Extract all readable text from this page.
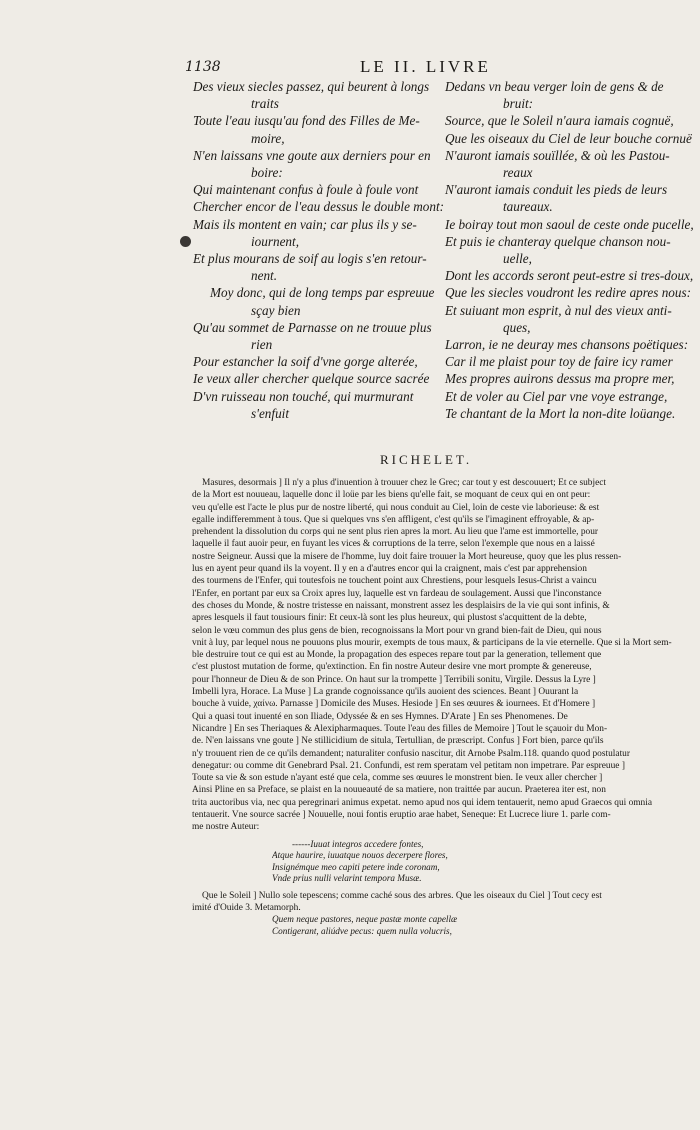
1138	LE II. LIVRE
Des vieux siecles passez, qui beurent à longs
traits
Toute l'eau iusqu'au fond des Filles de Me-
moire,
N'en laissans vne goute aux derniers pour en
boire:
Qui maintenant confus à foule à foule vont
Chercher encor de l'eau dessus le double mont:
Mais ils montent en vain; car plus ils y se-
iournent,
Et plus mourans de soif au logis s'en retour-
nent.
Moy donc, qui de long temps par espreuue
sçay bien
Qu'au sommet de Parnasse on ne trouue plus
rien
Pour estancher la soif d'vne gorge alterée,
Ie veux aller chercher quelque source sacrée
D'vn ruisseau non touché, qui murmurant
s'enfuit
Dedans vn beau verger loin de gens & de
bruit:
Source, que le Soleil n'aura iamais cognuë,
Que les oiseaux du Ciel de leur bouche cornuë
N'auront iamais souïllée, & où les Pastou-
reaux
N'auront iamais conduit les pieds de leurs
taureaux.
Ie boiray tout mon saoul de ceste onde pucelle,
Et puis ie chanteray quelque chanson nou-
uelle,
Dont les accords seront peut-estre si tres-doux,
Que les siecles voudront les redire apres nous:
Et suiuant mon esprit, à nul des vieux anti-
ques,
Larron, ie ne deuray mes chansons poëtiques:
Car il me plaist pour toy de faire icy ramer
Mes propres auirons dessus ma propre mer,
Et de voler au Ciel par vne voye estrange,
Te chantant de la Mort la non-dite loüange.
RICHELET.
Masures, desormais ] Il n'y a plus d'inuention à trouuer chez le Grec; car tout y est descouuert; Et ce subject
de la Mort est nouueau, laquelle donc il loüe par les biens qu'elle fait, se moquant de ceux qui en ont peur:
veu qu'elle est l'acte le plus pur de nostre liberté, qui nous conduit au Ciel, loin de ceste vie laborieuse: & est
egalle indifferemment à tous. Que si quelques vns s'en affligent, c'est qu'ils se l'imaginent effroyable, & ap-
prehendent la dissolution du corps qui ne sent plus rien apres la mort. Au lieu que l'ame est immortelle, pour
laquelle il faut auoir peur, en fuyant les vices & corruptions de la terre, selon l'exemple que nous en a laissé
nostre Seigneur. Aussi que la misere de l'homme, luy doit faire trouuer la Mort heureuse, quoy que les plus ressen-
lus en ayent peur quand ils la voyent. Il y en a d'autres encor qui la craignent, mais c'est par apprehension
des tourmens de l'Enfer, qui toutesfois ne touchent point aux Chrestiens, pour lesquels Iesus-Christ a vaincu
l'Enfer, en portant par eux sa Croix apres luy, laquelle est vn fardeau de soulagement. Aussi que l'inconstance
des choses du Monde, & nostre tristesse en naissant, monstrent assez les desplaisirs de la vie qui sont infinis, &
apres lesquels il faut tousiours finir: Et ceux-là sont les plus heureux, qui plustost s'acquittent de la debte,
selon le vœu commun des plus gens de bien, recognoissans la Mort pour vn grand bien-fait de Dieu, qui nous
vnit à luy, par lequel nous ne pouuons plus mourir, exempts de tous maux, & participans de la vie eternelle. Que si la Mort sem-
ble destruire tout ce qui est au Monde, la propagation des especes repare tout par la generation, tellement que
c'est plustost mutation de forme, qu'extinction. En fin nostre Auteur desire vne mort prompte & genereuse,
pour l'honneur de Dieu & de son Prince. On haut sur la trompette ] Terribili sonitu, Virgile. Dessus la Lyre ]
Imbelli lyra, Horace. La Muse ] La grande cognoissance qu'ils auoient des sciences. Beant ] Ouurant la
bouche à vuide, χαίνω. Parnasse ] Domicile des Muses. Hesiode ] En ses œuures & iournees. Et d'Homere ]
Qui a quasi tout inuenté en son Iliade, Odyssée & en ses Hymnes. D'Arate ] En ses Phenomenes. De
Nicandre ] En ses Theriaques & Alexipharmaques. Toute l'eau des filles de Memoire ] Tout le sçauoir du Mon-
de. N'en laissans vne goute ] Ne stillicidium de situla, Tertullian, de præscript. Confus ] Fort bien, parce qu'ils
n'y trouuent rien de ce qu'ils demandent; naturaliter confusio nascitur, dit Arnobe Psalm.118. quando quod postulatur
denegatur: ou comme dit Genebrard Psal. 21. Confundi, est rem speratam vel petitam non impetrare. Par espreuue ]
Toute sa vie & son estude n'ayant esté que cela, comme ses œuures le monstrent bien. Ie veux aller chercher ]
Ainsi Pline en sa Preface, se plaist en la nouueauté de sa matiere, non traittée par aucun. Praeterea iter est, non
trita auctoribus via, nec qua peregrinari animus expetat. nemo apud nos qui idem tentauerit, nemo apud Graecos qui omnia
tentauerit. Vne source sacrée ] Nouuelle, noui fontis eruptio arae habet, Seneque: Et Lucrece liure 1. parle com-
me nostre Auteur:
------Iuuat integros accedere fontes,
Atque haurire, iuuatque nouos decerpere flores,
Insignémque meo capiti petere inde coronam,
Vnde prius nulli velarint tempora Musæ.
Que le Soleil ] Nullo sole tepescens; comme caché sous des arbres. Que les oiseaux du Ciel ] Tout cecy est
imité d'Ouide 3. Metamorph.
Quem neque pastores, neque pastæ monte capellæ
Contigerant, aliúdve pecus: quem nulla volucris,
